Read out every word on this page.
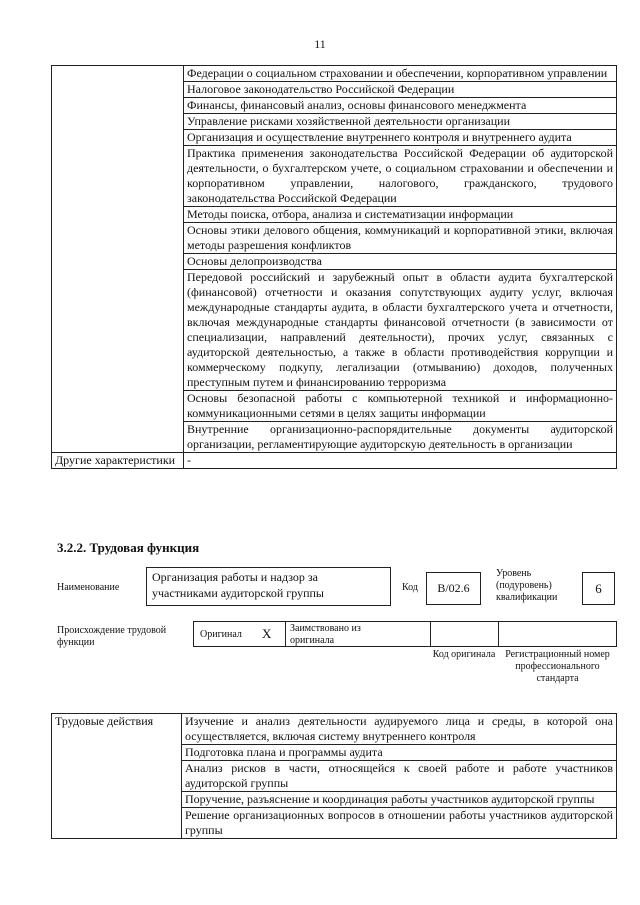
11
	Федерации о социальном страховании и обеспечении, корпоративном управлении
	Налоговое законодательство Российской Федерации
	Финансы, финансовый анализ, основы финансового менеджмента
	Управление рисками хозяйственной деятельности организации
	Организация и осуществление внутреннего контроля и внутреннего аудита
	Практика применения законодательства Российской Федерации об аудиторской деятельности, о бухгалтерском учете, о социальном страховании и обеспечении и корпоративном управлении, налогового, гражданского, трудового законодательства Российской Федерации
	Методы поиска, отбора, анализа и систематизации информации
	Основы этики делового общения, коммуникаций и корпоративной этики, включая методы разрешения конфликтов
	Основы делопроизводства
	Передовой российский и зарубежный опыт в области аудита бухгалтерской (финансовой) отчетности и оказания сопутствующих аудиту услуг, включая международные стандарты аудита, в области бухгалтерского учета и отчетности, включая международные стандарты финансовой отчетности (в зависимости от специализации, направлений деятельности), прочих услуг, связанных с аудиторской деятельностью, а также в области противодействия коррупции и коммерческому подкупу, легализации (отмыванию) доходов, полученных преступным путем и финансированию терроризма
	Основы безопасной работы с компьютерной техникой и информационно-коммуникационными сетями в целях защиты информации
	Внутренние организационно-распорядительные документы аудиторской организации, регламентирующие аудиторскую деятельность в организации
Другие характеристики	-
3.2.2. Трудовая функция
Наименование
Организация работы и надзор за участниками аудиторской группы	Код	B/02.6
Уровень (подуровень) квалификации
6
Происхождение трудовой функции
Оригинал X Заимствовано из оригинала
Код оригинала Регистрационный номер профессионального стандарта
Трудовые действия	Изучение и анализ деятельности аудируемого лица и среды, в которой она осуществляется, включая систему внутреннего контроля
Подготовка плана и программы аудита
Анализ рисков в части, относящейся к своей работе и работе участников аудиторской группы
Поручение, разъяснение и координация работы участников аудиторской группы
Решение организационных вопросов в отношении работы участников аудиторской группы
